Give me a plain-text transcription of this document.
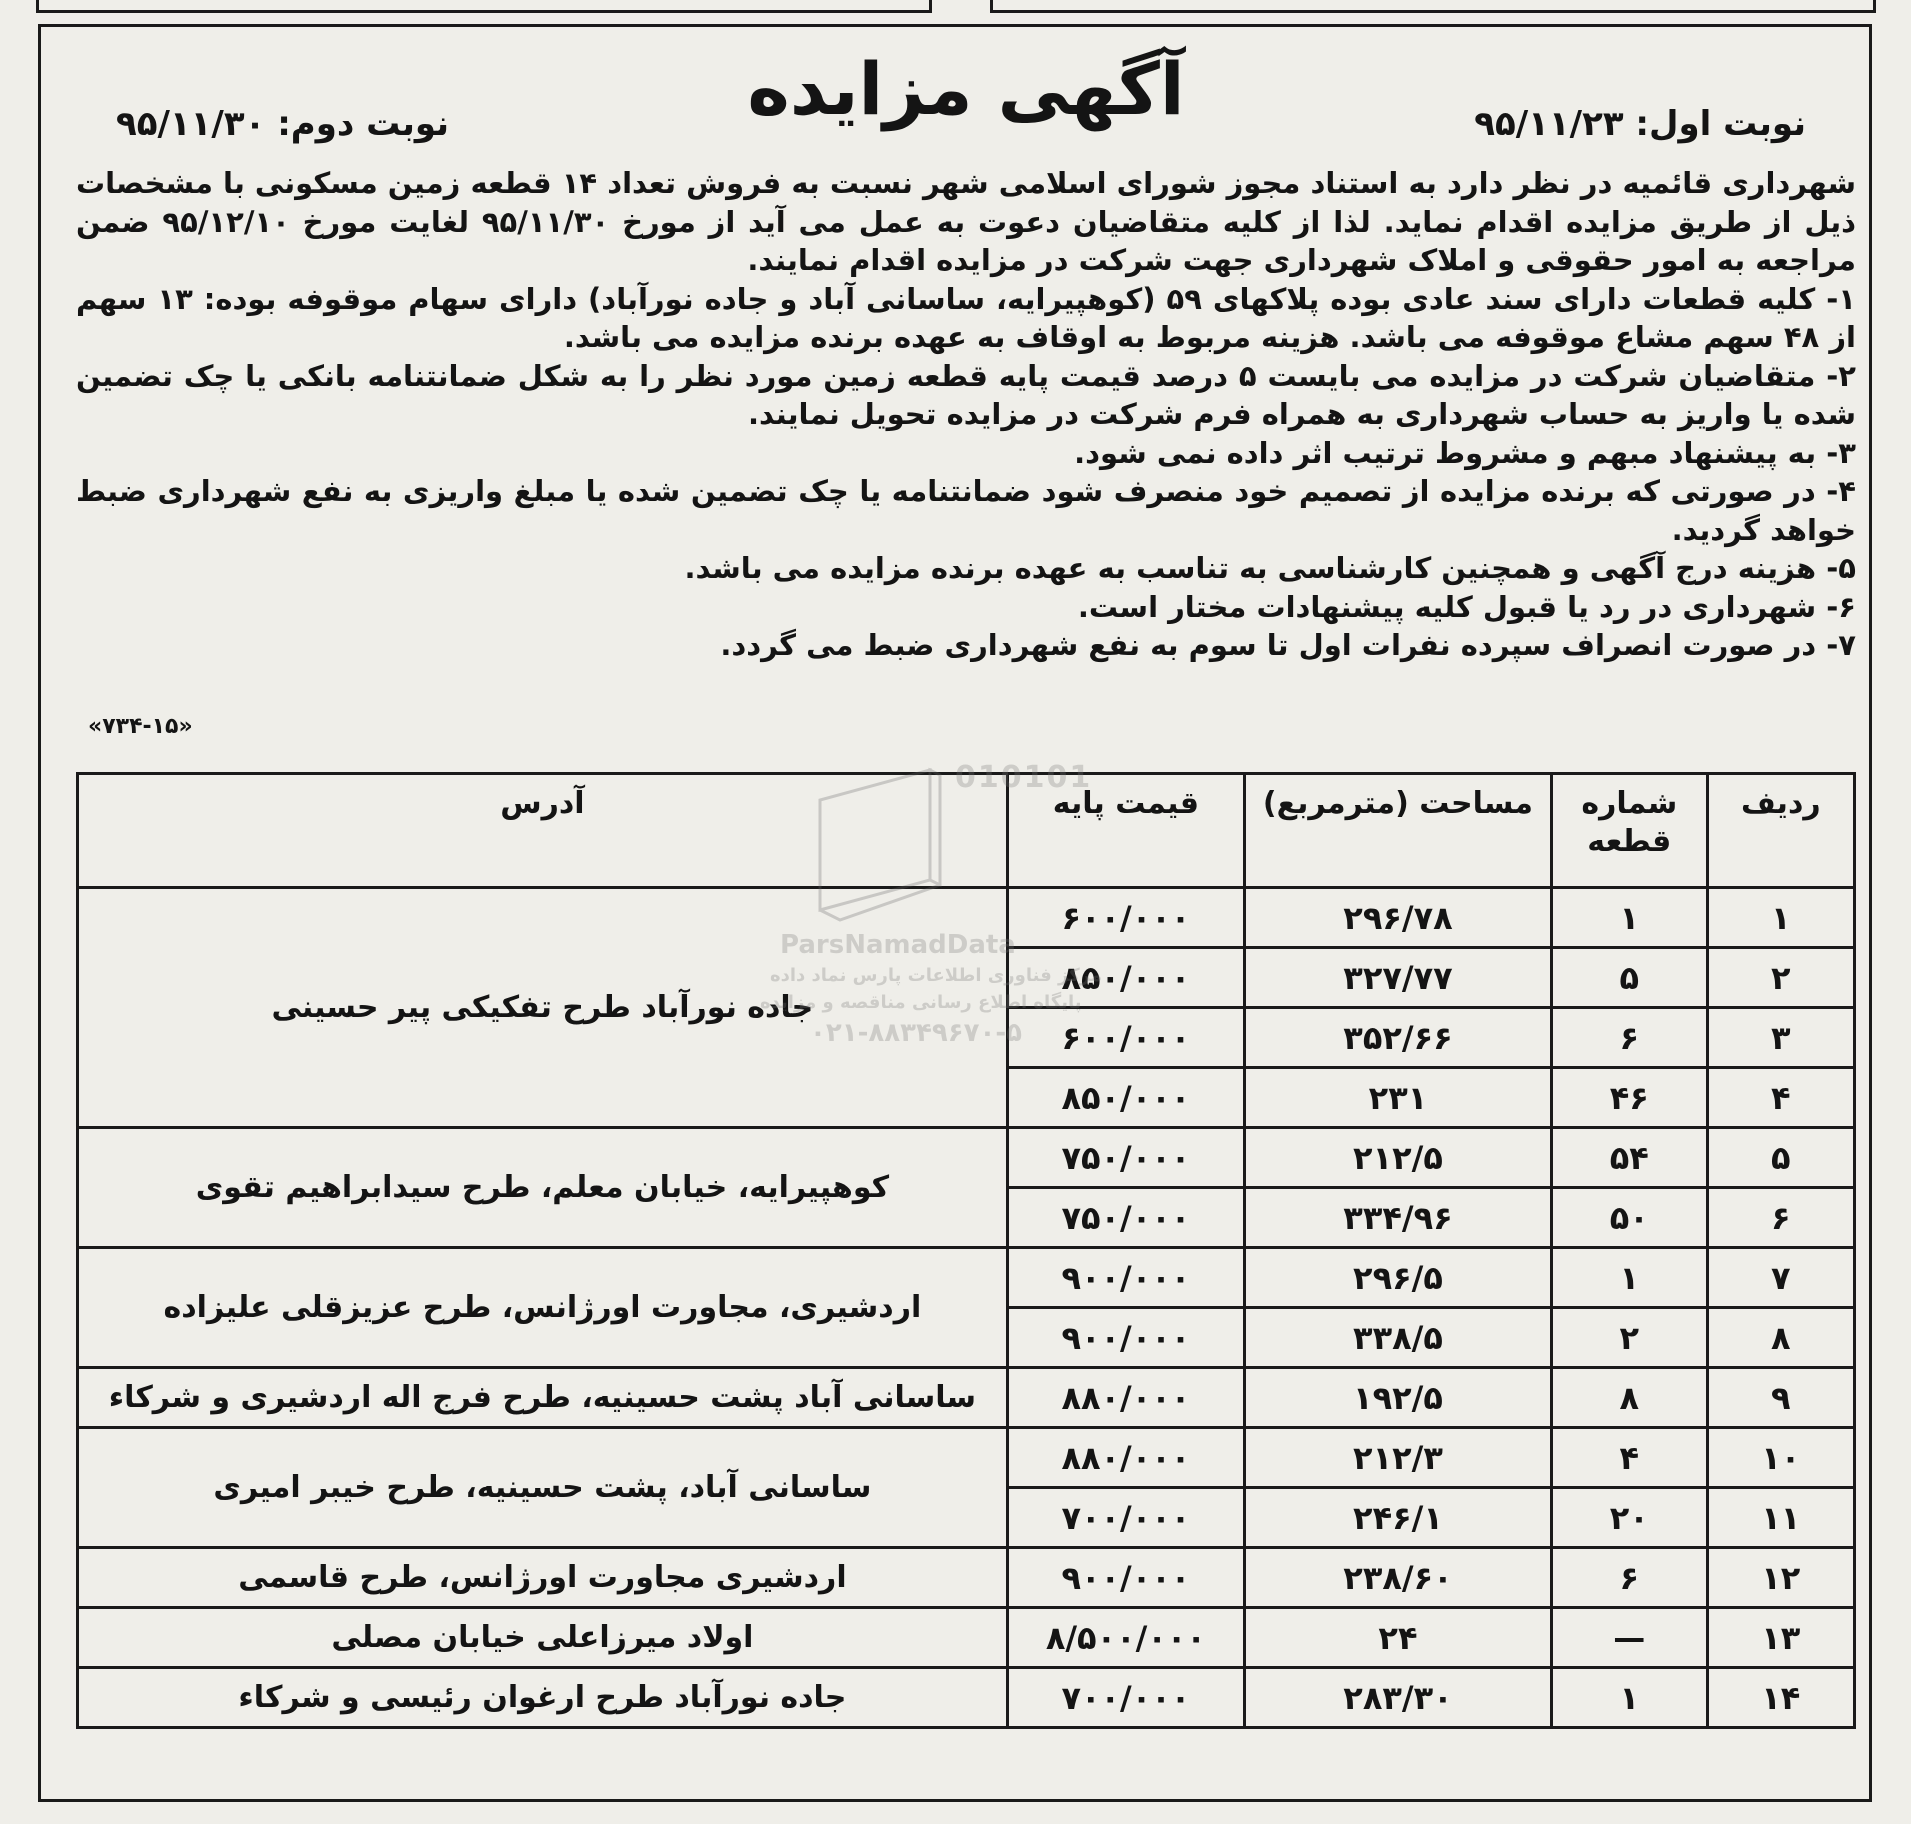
آگهی مزایده	نوبت اول: ۹۵/۱۱/۲۳
نوبت دوم: ۹۵/۱۱/۳۰

شهرداری قائمیه در نظر دارد به استناد مجوز شورای اسلامی شهر نسبت به فروش تعداد ۱۴ قطعه زمین مسکونی با مشخصات ذیل از طریق مزایده اقدام نماید. لذا از کلیه متقاضیان دعوت به عمل می آید از مورخ ۹۵/۱۱/۳۰ لغایت مورخ ۹۵/۱۲/۱۰ ضمن مراجعه به امور حقوقی و املاک شهرداری جهت شرکت در مزایده اقدام نمایند.

۱- کلیه قطعات دارای سند عادی بوده پلاکهای ۵۹ (کوهپیرایه، ساسانی آباد و جاده نورآباد) دارای سهام موقوفه بوده: ۱۳ سهم از ۴۸ سهم مشاع موقوفه می باشد. هزینه مربوط به اوقاف به عهده برنده مزایده می باشد.

۲- متقاضیان شرکت در مزایده می بایست ۵ درصد قیمت پایه قطعه زمین مورد نظر را به شکل ضمانتنامه بانکی یا چک تضمین شده یا واریز به حساب شهرداری به همراه فرم شرکت در مزایده تحویل نمایند.

۳- به پیشنهاد مبهم و مشروط ترتیب اثر داده نمی شود.

۴- در صورتی که برنده مزایده از تصمیم خود منصرف شود ضمانتنامه یا چک تضمین شده یا مبلغ واریزی به نفع شهرداری ضبط خواهد گردید.

۵- هزینه درج آگهی و همچنین کارشناسی به تناسب به عهده برنده مزایده می باشد.

۶- شهرداری در رد یا قبول کلیه پیشنهادات مختار است.

۷- در صورت انصراف سپرده نفرات اول تا سوم به نفع شهرداری ضبط می گردد.

«۷۳۴-۱۵»
ردیف	شماره قطعه	مساحت (مترمربع)	قیمت پایه	آدرس
۱	۱	۲۹۶/۷۸	۶۰۰/۰۰۰	جاده نورآباد طرح تفکیکی پیر حسینی
۲	۵	۳۲۷/۷۷	۸۵۰/۰۰۰	
۳	۶	۳۵۲/۶۶	۶۰۰/۰۰۰	
۴	۴۶	۲۳۱	۸۵۰/۰۰۰	
۵	۵۴	۲۱۲/۵	۷۵۰/۰۰۰	کوهپیرایه، خیابان معلم، طرح سیدابراهیم تقوی
۶	۵۰	۳۳۴/۹۶	۷۵۰/۰۰۰	
۷	۱	۲۹۶/۵	۹۰۰/۰۰۰	اردشیری، مجاورت اورژانس، طرح عزیزقلی علیزاده
۸	۲	۳۳۸/۵	۹۰۰/۰۰۰	
۹	۸	۱۹۲/۵	۸۸۰/۰۰۰	ساسانی آباد پشت حسینیه، طرح فرج اله اردشیری و شرکاء
۱۰	۴	۲۱۲/۳	۸۸۰/۰۰۰	ساسانی آباد، پشت حسینیه، طرح خیبر امیری
۱۱	۲۰	۲۴۶/۱	۷۰۰/۰۰۰	
۱۲	۶	۲۳۸/۶۰	۹۰۰/۰۰۰	اردشیری مجاورت اورژانس، طرح قاسمی
۱۳	—	۲۴	۸/۵۰۰/۰۰۰	اولاد میرزاعلی خیابان مصلی
۱۴	۱	۲۸۳/۳۰	۷۰۰/۰۰۰	جاده نورآباد طرح ارغوان رئیسی و شرکاء
010101
ParsNamadData
مرکز فناوری اطلاعات پارس نماد داده
پایگاه اطلاع رسانی مناقصه و مزایده
۰۲۱-۸۸۳۴۹۶۷۰-۵
